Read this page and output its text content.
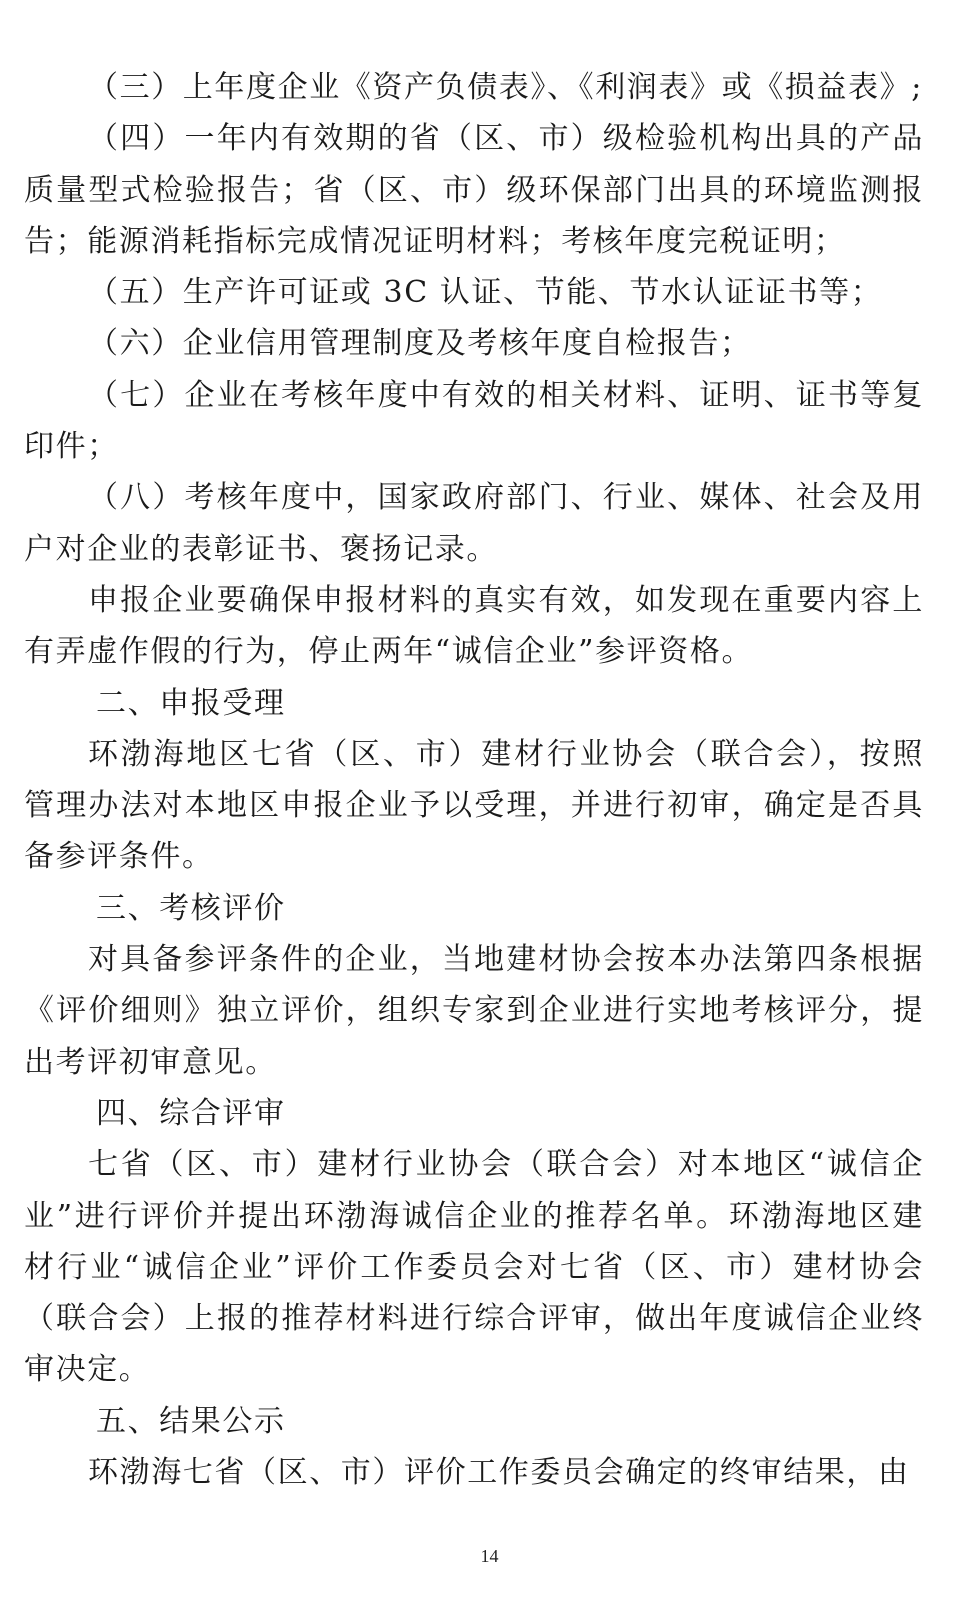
（三）上年度企业《资产负债表》、《利润表》或《损益表》;

（四）一年内有效期的省（区、市）级检验机构出具的产品质量型式检验报告；省（区、市）级环保部门出具的环境监测报告；能源消耗指标完成情况证明材料；考核年度完税证明；

（五）生产许可证或 3C 认证、节能、节水认证证书等；

（六）企业信用管理制度及考核年度自检报告；

（七）企业在考核年度中有效的相关材料、证明、证书等复印件；

（八）考核年度中，国家政府部门、行业、媒体、社会及用户对企业的表彰证书、褒扬记录。

申报企业要确保申报材料的真实有效，如发现在重要内容上有弄虚作假的行为，停止两年“诚信企业”参评资格。

二、申报受理

环渤海地区七省（区、市）建材行业协会（联合会），按照管理办法对本地区申报企业予以受理，并进行初审，确定是否具备参评条件。

三、考核评价

对具备参评条件的企业，当地建材协会按本办法第四条根据《评价细则》独立评价，组织专家到企业进行实地考核评分，提出考评初审意见。

四、综合评审

七省（区、市）建材行业协会（联合会）对本地区“诚信企业”进行评价并提出环渤海诚信企业的推荐名单。环渤海地区建材行业“诚信企业”评价工作委员会对七省（区、市）建材协会（联合会）上报的推荐材料进行综合评审，做出年度诚信企业终审决定。

五、结果公示

环渤海七省（区、市）评价工作委员会确定的终审结果，由

14
